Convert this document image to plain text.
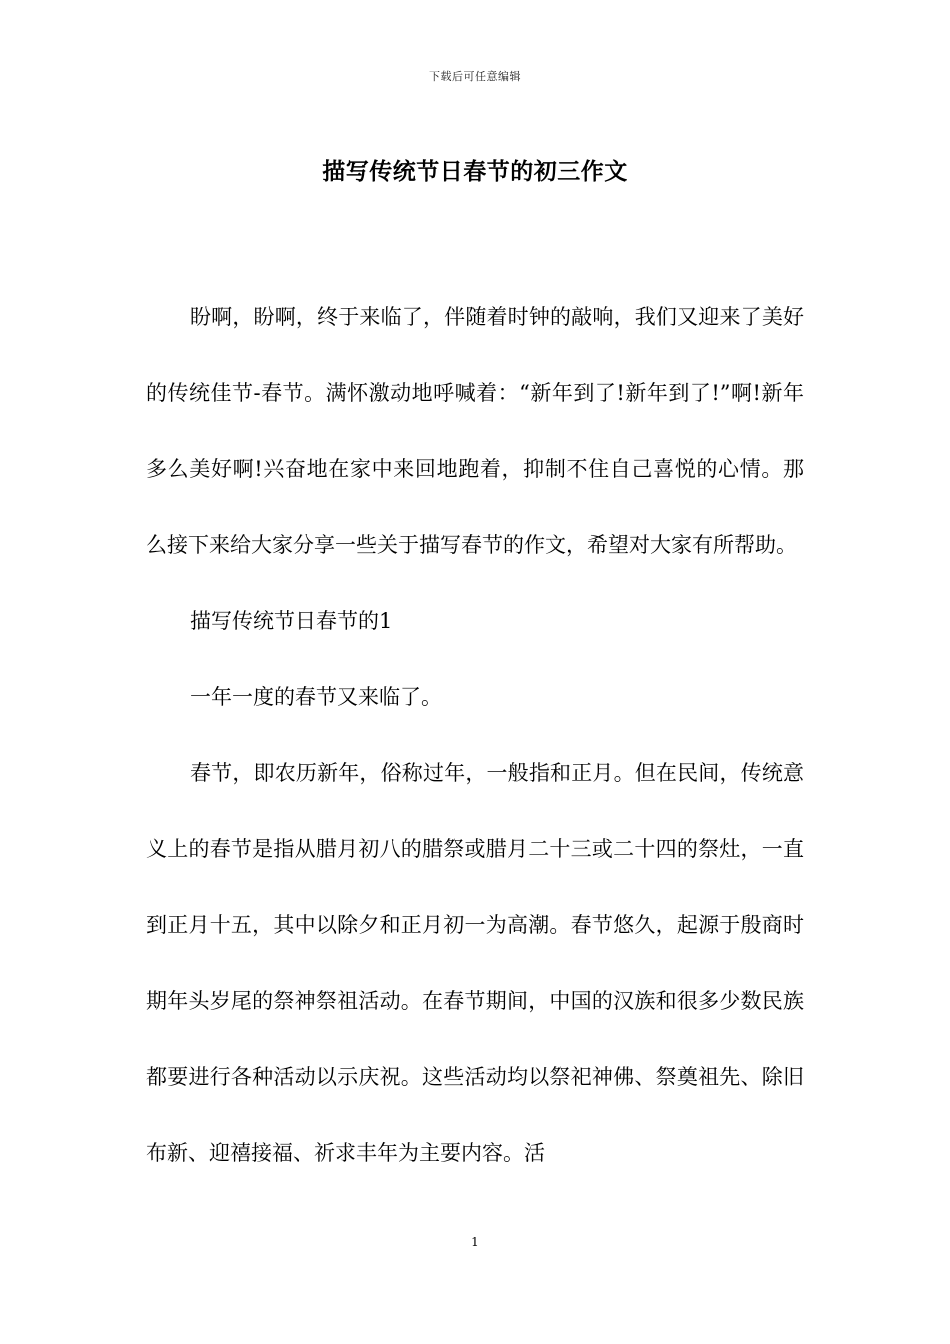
下载后可任意编辑
描写传统节日春节的初三作文

盼啊，盼啊，终于来临了，伴随着时钟的敲响，我们又迎来了美好的传统佳节-春节。满怀激动地呼喊着：“新年到了!新年到了!”啊!新年多么美好啊!兴奋地在家中来回地跑着，抑制不住自己喜悦的心情。那么接下来给大家分享一些关于描写春节的作文，希望对大家有所帮助。

描写传统节日春节的1

一年一度的春节又来临了。

春节，即农历新年，俗称过年，一般指和正月。但在民间，传统意义上的春节是指从腊月初八的腊祭或腊月二十三或二十四的祭灶，一直到正月十五，其中以除夕和正月初一为高潮。春节悠久，起源于殷商时期年头岁尾的祭神祭祖活动。在春节期间，中国的汉族和很多少数民族都要进行各种活动以示庆祝。这些活动均以祭祀神佛、祭奠祖先、除旧布新、迎禧接福、祈求丰年为主要内容。活

1
